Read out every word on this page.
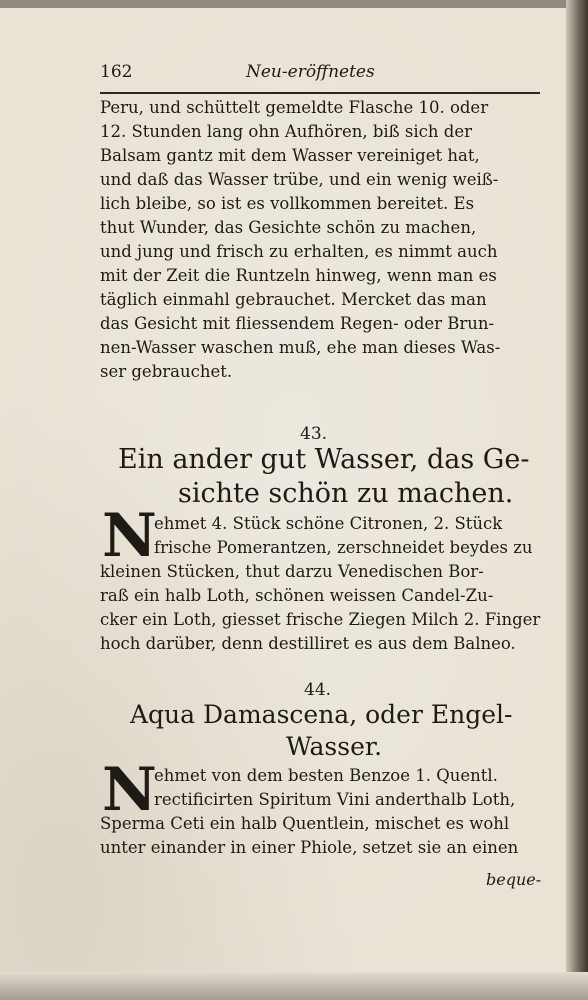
162	Neu-eröffnetes
Peru, und schüttelt gemeldte Flasche 10. oder
12. Stunden lang ohn Aufhören, biß sich der
Balsam gantz mit dem Wasser vereiniget hat,
und daß das Wasser trübe, und ein wenig weiß-
lich bleibe, so ist es vollkommen bereitet. Es
thut Wunder, das Gesichte schön zu machen,
und jung und frisch zu erhalten, es nimmt auch
mit der Zeit die Runtzeln hinweg, wenn man es
täglich einmahl gebrauchet. Mercket das man
das Gesicht mit fliessendem Regen- oder Brun-
nen-Wasser waschen muß, ehe man dieses Was-
ser gebrauchet.
43.
Ein ander gut Wasser, das Ge-
sichte schön zu machen.
N
ehmet 4. Stück schöne Citronen, 2. Stück
frische Pomerantzen, zerschneidet beydes zu
kleinen Stücken, thut darzu Venedischen Bor-
raß ein halb Loth, schönen weissen Candel-Zu-
cker ein Loth, giesset frische Ziegen Milch 2. Finger
hoch darüber, denn destilliret es aus dem Balneo.
44.
Aqua Damascena, oder Engel-
Wasser.
N
ehmet von dem besten Benzoe 1. Quentl.
rectificirten Spiritum Vini anderthalb Loth,
Sperma Ceti ein halb Quentlein, mischet es wohl
unter einander in einer Phiole, setzet sie an einen
beque-
